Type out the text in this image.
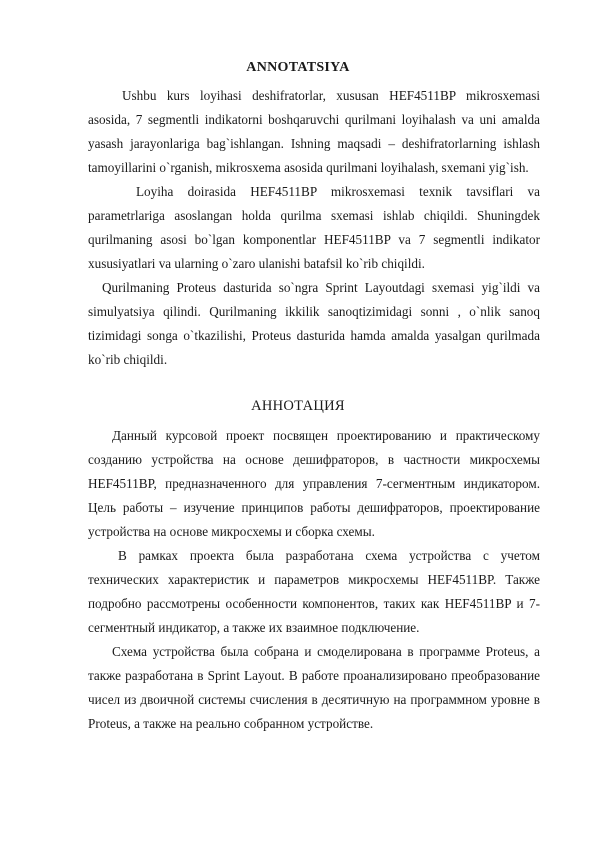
ANNOTATSIYA

Ushbu kurs loyihasi deshifratorlar, xususan HEF4511BP mikrosxemasi asosida, 7 segmentli indikatorni boshqaruvchi qurilmani loyihalash va uni amalda yasash jarayonlariga bag`ishlangan. Ishning maqsadi – deshifratorlarning ishlash tamoyillarini o`rganish, mikrosxema asosida qurilmani loyihalash, sxemani yig`ish.

Loyiha doirasida HEF4511BP mikrosxemasi texnik tavsiflari va parametrlariga asoslangan holda qurilma sxemasi ishlab chiqildi. Shuningdek qurilmaning asosi bo`lgan komponentlar HEF4511BP va 7 segmentli indikator xususiyatlari va ularning o`zaro ulanishi batafsil ko`rib chiqildi.

Qurilmaning Proteus dasturida so`ngra Sprint Layoutdagi sxemasi yig`ildi va simulyatsiya qilindi. Qurilmaning ikkilik sanoqtizimidagi sonni , o`nlik sanoq tizimidagi songa o`tkazilishi, Proteus dasturida hamda amalda yasalgan qurilmada ko`rib chiqildi.

АННОТАЦИЯ

Данный курсовой проект посвящен проектированию и практическому созданию устройства на основе дешифраторов, в частности микросхемы HEF4511BP, предназначенного для управления 7-сегментным индикатором. Цель работы – изучение принципов работы дешифраторов, проектирование устройства на основе микросхемы и сборка схемы.

В рамках проекта была разработана схема устройства с учетом технических характеристик и параметров микросхемы HEF4511BP. Также подробно рассмотрены особенности компонентов, таких как HEF4511BP и 7-сегментный индикатор, а также их взаимное подключение.

Схема устройства была собрана и смоделирована в программе Proteus, а также разработана в Sprint Layout. В работе проанализировано преобразование чисел из двоичной системы счисления в десятичную на программном уровне в Proteus, а также на реально собранном устройстве.
